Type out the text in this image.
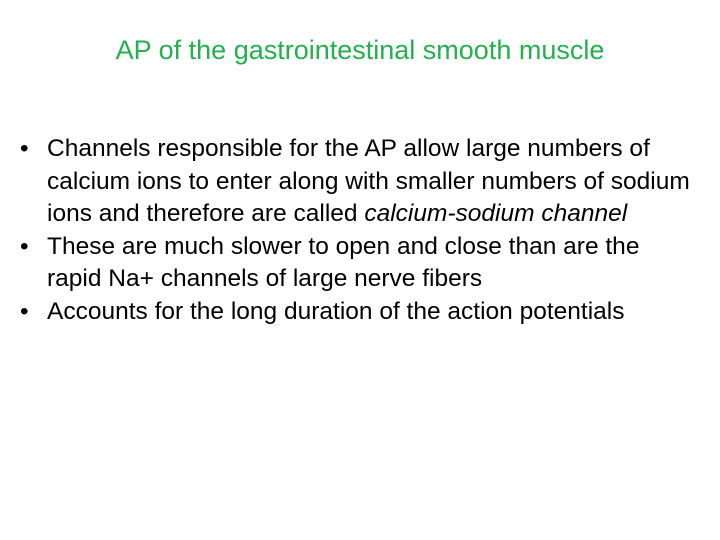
AP of the gastrointestinal smooth muscle
•
Channels responsible for the AP allow large numbers of calcium ions to enter along with smaller numbers of sodium ions and therefore are called calcium-sodium channel
•
These are much slower to open and close than are the rapid Na+ channels of large nerve fibers
•
Accounts for the long duration of the action potentials
